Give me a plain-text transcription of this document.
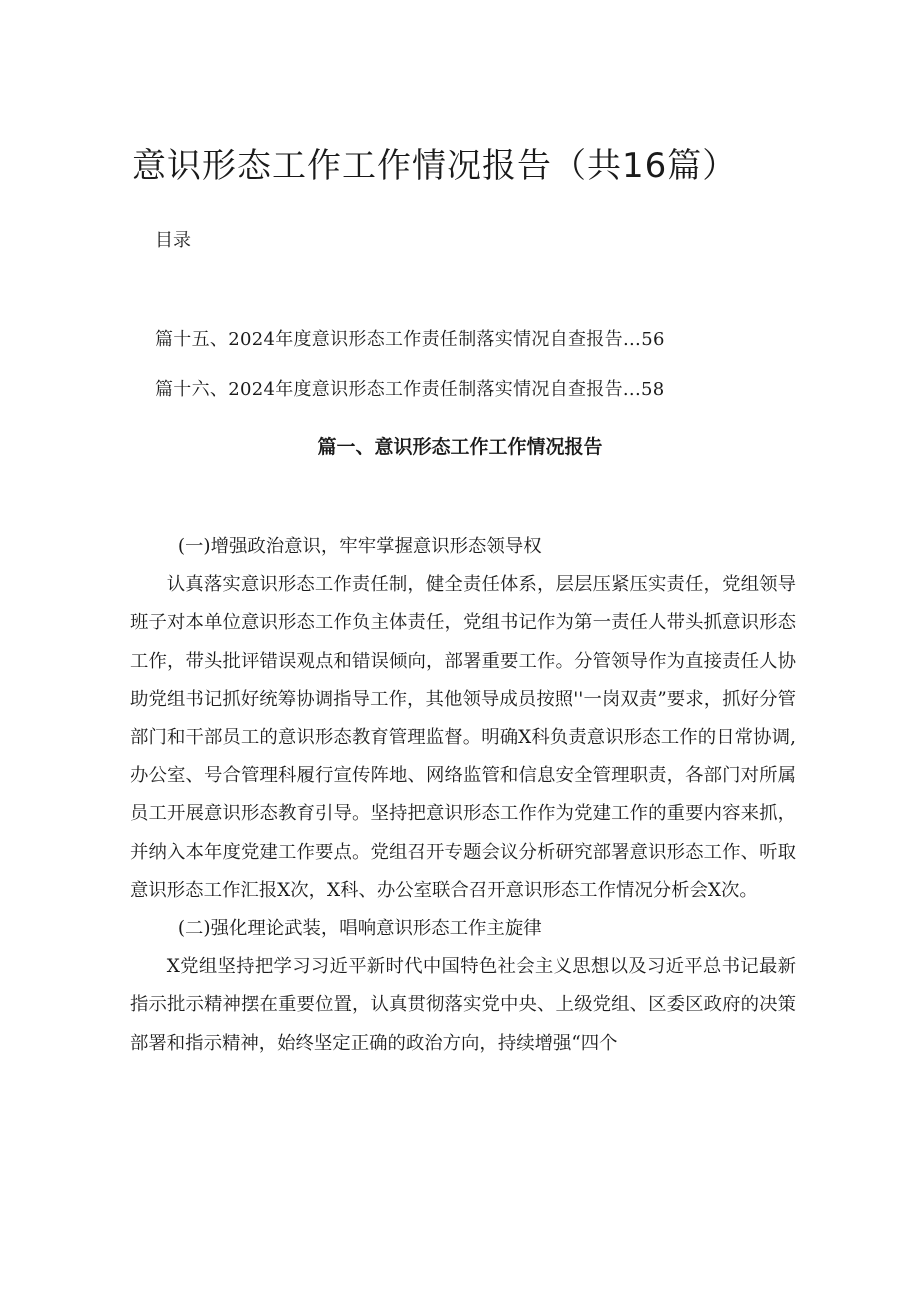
意识形态工作工作情况报告（共16篇）
目录
篇十五、2024年度意识形态工作责任制落实情况自查报告…56
篇十六、2024年度意识形态工作责任制落实情况自查报告...58
篇一、意识形态工作工作情况报告

(一)增强政治意识，牢牢掌握意识形态领导权

认真落实意识形态工作责任制，健全责任体系，层层压紧压实责任，党组领导班子对本单位意识形态工作负主体责任，党组书记作为第一责任人带头抓意识形态工作，带头批评错误观点和错误倾向，部署重要工作。分管领导作为直接责任人协助党组书记抓好统筹协调指导工作，其他领导成员按照''一岗双责”要求，抓好分管部门和干部员工的意识形态教育管理监督。明确X科负责意识形态工作的日常协调,办公室、号合管理科履行宣传阵地、网络监管和信息安全管理职责，各部门对所属员工开展意识形态教育引导。坚持把意识形态工作作为党建工作的重要内容来抓，并纳入本年度党建工作要点。党组召开专题会议分析研究部署意识形态工作、听取意识形态工作汇报X次，X科、办公室联合召开意识形态工作情况分析会X次。

(二)强化理论武装，唱响意识形态工作主旋律

X党组坚持把学习习近平新时代中国特色社会主义思想以及习近平总书记最新指示批示精神摆在重要位置，认真贯彻落实党中央、上级党组、区委区政府的决策部署和指示精神，始终坚定正确的政治方向，持续增强“四个
